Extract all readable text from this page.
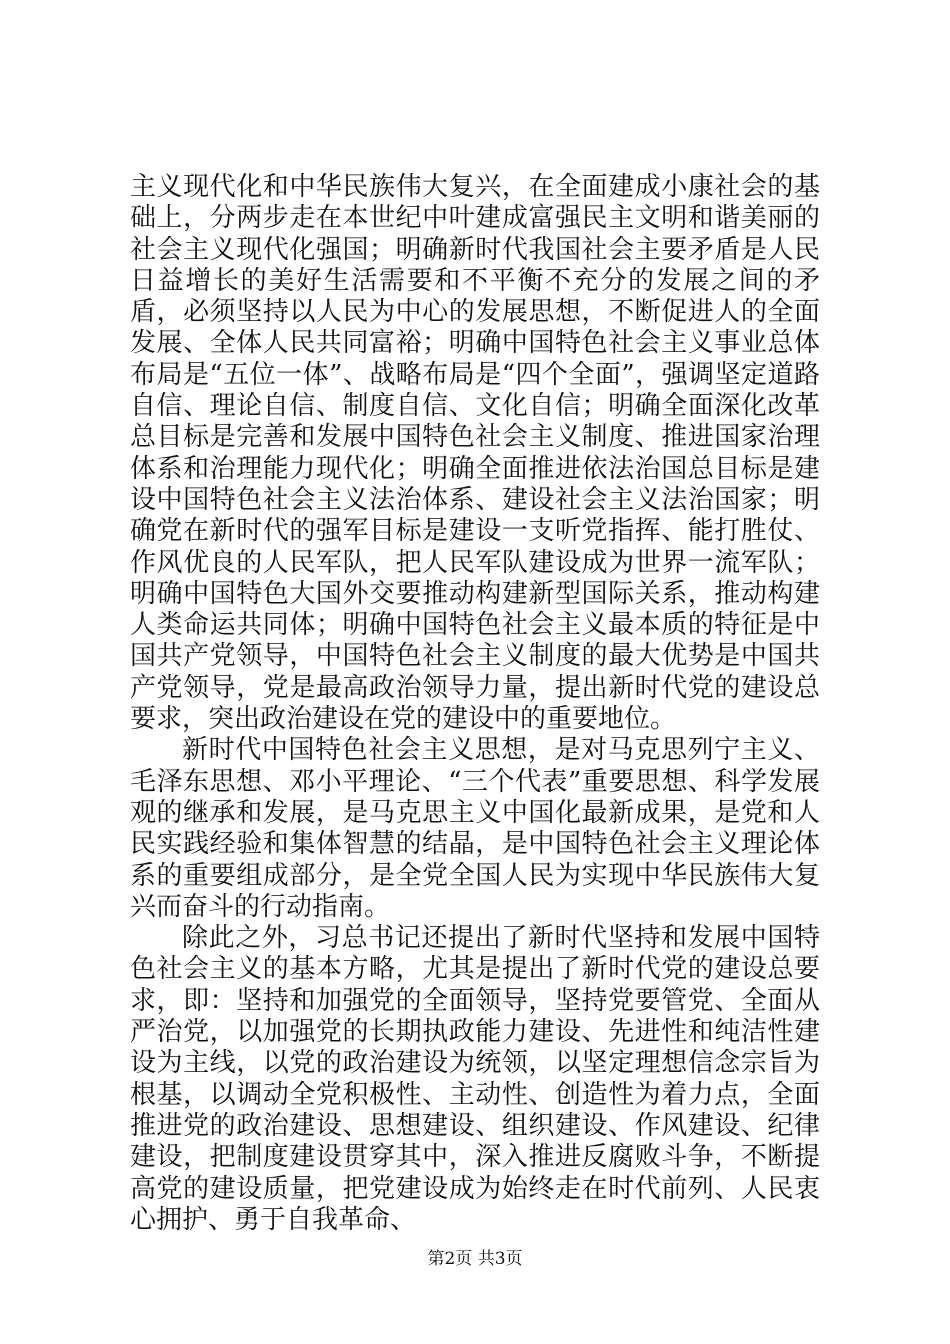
主义现代化和中华民族伟大复兴，在全面建成小康社会的基础上，分两步走在本世纪中叶建成富强民主文明和谐美丽的社会主义现代化强国；明确新时代我国社会主要矛盾是人民日益增长的美好生活需要和不平衡不充分的发展之间的矛盾，必须坚持以人民为中心的发展思想，不断促进人的全面发展、全体人民共同富裕；明确中国特色社会主义事业总体布局是“五位一体”、战略布局是“四个全面”，强调坚定道路自信、理论自信、制度自信、文化自信；明确全面深化改革总目标是完善和发展中国特色社会主义制度、推进国家治理体系和治理能力现代化；明确全面推进依法治国总目标是建设中国特色社会主义法治体系、建设社会主义法治国家；明确党在新时代的强军目标是建设一支听党指挥、能打胜仗、作风优良的人民军队，把人民军队建设成为世界一流军队；明确中国特色大国外交要推动构建新型国际关系，推动构建人类命运共同体；明确中国特色社会主义最本质的特征是中国共产党领导，中国特色社会主义制度的最大优势是中国共产党领导，党是最高政治领导力量，提出新时代党的建设总要求，突出政治建设在党的建设中的重要地位。

新时代中国特色社会主义思想，是对马克思列宁主义、毛泽东思想、邓小平理论、“三个代表”重要思想、科学发展观的继承和发展，是马克思主义中国化最新成果，是党和人民实践经验和集体智慧的结晶，是中国特色社会主义理论体系的重要组成部分，是全党全国人民为实现中华民族伟大复兴而奋斗的行动指南。

除此之外，习总书记还提出了新时代坚持和发展中国特色社会主义的基本方略，尤其是提出了新时代党的建设总要求，即：坚持和加强党的全面领导，坚持党要管党、全面从严治党，以加强党的长期执政能力建设、先进性和纯洁性建设为主线，以党的政治建设为统领，以坚定理想信念宗旨为根基，以调动全党积极性、主动性、创造性为着力点，全面推进党的政治建设、思想建设、组织建设、作风建设、纪律建设，把制度建设贯穿其中，深入推进反腐败斗争，不断提高党的建设质量，把党建设成为始终走在时代前列、人民衷心拥护、勇于自我革命、

第2页 共3页
